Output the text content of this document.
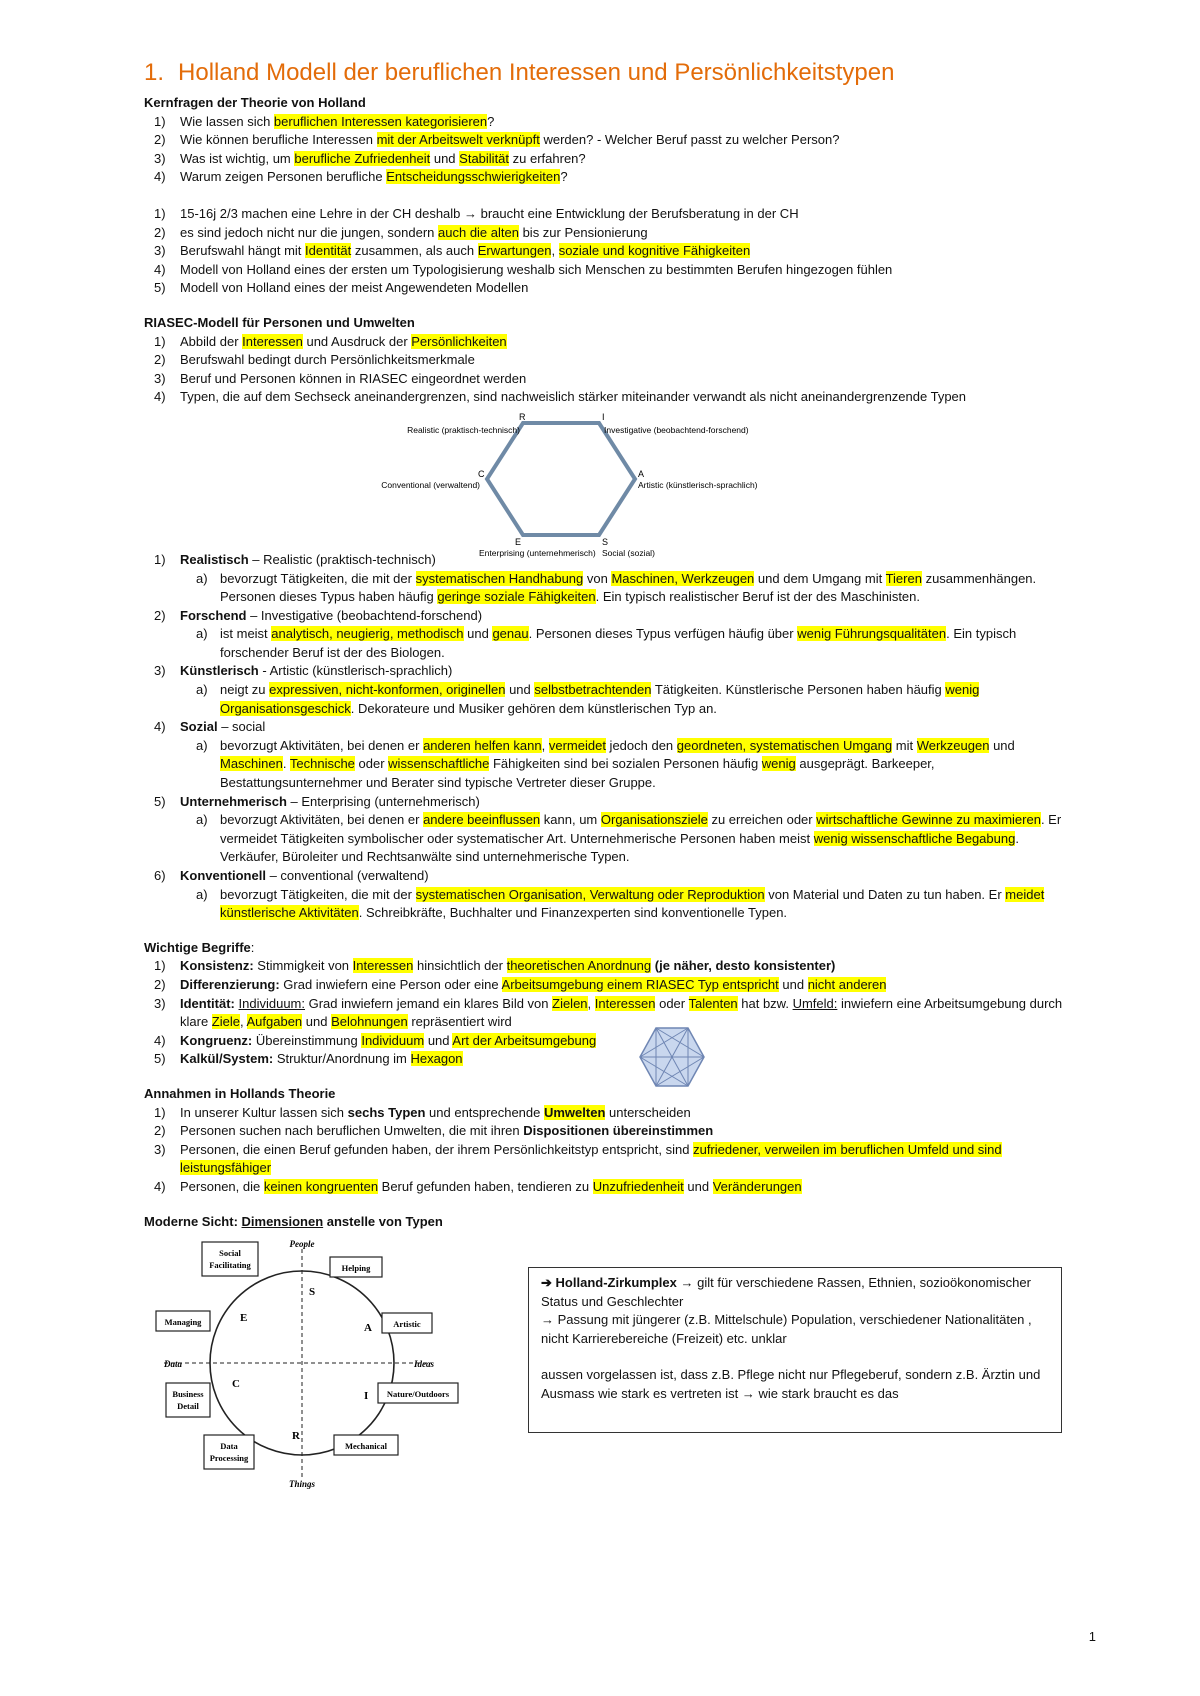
1. Holland Modell der beruflichen Interessen und Persönlichkeitstypen

Kernfragen der Theorie von Holland

1) Wie lassen sich beruflichen Interessen kategorisieren?
2) Wie können berufliche Interessen mit der Arbeitswelt verknüpft werden? - Welcher Beruf passt zu welcher Person?
3) Was ist wichtig, um berufliche Zufriedenheit und Stabilität zu erfahren?
4) Warum zeigen Personen berufliche Entscheidungsschwierigkeiten?
1) 15-16j 2/3 machen eine Lehre in der CH deshalb → braucht eine Entwicklung der Berufsberatung in der CH
2) es sind jedoch nicht nur die jungen, sondern auch die alten bis zur Pensionierung
3) Berufswahl hängt mit Identität zusammen, als auch Erwartungen, soziale und kognitive Fähigkeiten
4) Modell von Holland eines der ersten um Typologisierung weshalb sich Menschen zu bestimmten Berufen hingezogen fühlen
5) Modell von Holland eines der meist Angewendeten Modellen

RIASEC-Modell für Personen und Umwelten

1) Abbild der Interessen und Ausdruck der Persönlichkeiten
2) Berufswahl bedingt durch Persönlichkeitsmerkmale
3) Beruf und Personen können in RIASEC eingeordnet werden
4) Typen, die auf dem Sechseck aneinandergrenzen, sind nachweislich stärker miteinander verwandt als nicht aneinandergrenzende Typen
R	I
A
S
E
C
Realistic (praktisch-technisch)	Investigative (beobachtend-forschend)
Artistic (künstlerisch-sprachlich)
Social (sozial)
Enterprising (unternehmerisch)
Conventional (verwaltend)
1) Realistisch – Realistic (praktisch-technisch)
a) bevorzugt Tätigkeiten, die mit der systematischen Handhabung von Maschinen, Werkzeugen und dem Umgang mit Tieren zusammenhängen. Personen dieses Typus haben häufig geringe soziale Fähigkeiten. Ein typisch realistischer Beruf ist der des Maschinisten.
2) Forschend – Investigative (beobachtend-forschend)
a) ist meist analytisch, neugierig, methodisch und genau. Personen dieses Typus verfügen häufig über wenig Führungsqualitäten. Ein typisch forschender Beruf ist der des Biologen.
3) Künstlerisch - Artistic (künstlerisch-sprachlich)
a) neigt zu expressiven, nicht-konformen, originellen und selbstbetrachtenden Tätigkeiten. Künstlerische Personen haben häufig wenig Organisationsgeschick. Dekorateure und Musiker gehören dem künstlerischen Typ an.
4) Sozial – social
a) bevorzugt Aktivitäten, bei denen er anderen helfen kann, vermeidet jedoch den geordneten, systematischen Umgang mit Werkzeugen und Maschinen. Technische oder wissenschaftliche Fähigkeiten sind bei sozialen Personen häufig wenig ausgeprägt. Barkeeper, Bestattungsunternehmer und Berater sind typische Vertreter dieser Gruppe.
5) Unternehmerisch – Enterprising (unternehmerisch)
a) bevorzugt Aktivitäten, bei denen er andere beeinflussen kann, um Organisationsziele zu erreichen oder wirtschaftliche Gewinne zu maximieren. Er vermeidet Tätigkeiten symbolischer oder systematischer Art. Unternehmerische Personen haben meist wenig wissenschaftliche Begabung. Verkäufer, Büroleiter und Rechtsanwälte sind unternehmerische Typen.
6) Konventionell – conventional (verwaltend)
a) bevorzugt Tätigkeiten, die mit der systematischen Organisation, Verwaltung oder Reproduktion von Material und Daten zu tun haben. Er meidet künstlerische Aktivitäten. Schreibkräfte, Buchhalter und Finanzexperten sind konventionelle Typen.

Wichtige Begriffe:

1) Konsistenz: Stimmigkeit von Interessen hinsichtlich der theoretischen Anordnung (je näher, desto konsistenter)
2) Differenzierung: Grad inwiefern eine Person oder eine Arbeitsumgebung einem RIASEC Typ entspricht und nicht anderen
3) Identität: Individuum: Grad inwiefern jemand ein klares Bild von Zielen, Interessen oder Talenten hat bzw. Umfeld: inwiefern eine Arbeitsumgebung durch klare Ziele, Aufgaben und Belohnungen repräsentiert wird
4) Kongruenz: Übereinstimmung Individuum und Art der Arbeitsumgebung
5) Kalkül/System: Struktur/Anordnung im Hexagon

Annahmen in Hollands Theorie

1) In unserer Kultur lassen sich sechs Typen und entsprechende Umwelten unterscheiden
2) Personen suchen nach beruflichen Umwelten, die mit ihren Dispositionen übereinstimmen
3) Personen, die einen Beruf gefunden haben, der ihrem Persönlichkeitstyp entspricht, sind zufriedener, verweilen im beruflichen Umfeld und sind leistungsfähiger
4) Personen, die keinen kongruenten Beruf gefunden haben, tendieren zu Unzufriedenheit und Veränderungen

Moderne Sicht: Dimensionen anstelle von Typen

People
Things
Data	Ideas
S
A
I
R
C
E
Social
Facilitating	Helping
Artistic
Nature/Outdoors
Mechanical
Data
Processing
Business
Detail
Managing

➔ Holland-Zirkumplex → gilt für verschiedene Rassen, Ethnien, sozioökonomischer Status und Geschlechter

→ Passung mit jüngerer (z.B. Mittelschule) Population, verschiedener Nationalitäten , nicht Karrierebereiche (Freizeit) etc. unklar

aussen vorgelassen ist, dass z.B. Pflege nicht nur Pflegeberuf, sondern z.B. Ärztin und Ausmass wie stark es vertreten ist → wie stark braucht es das

1
